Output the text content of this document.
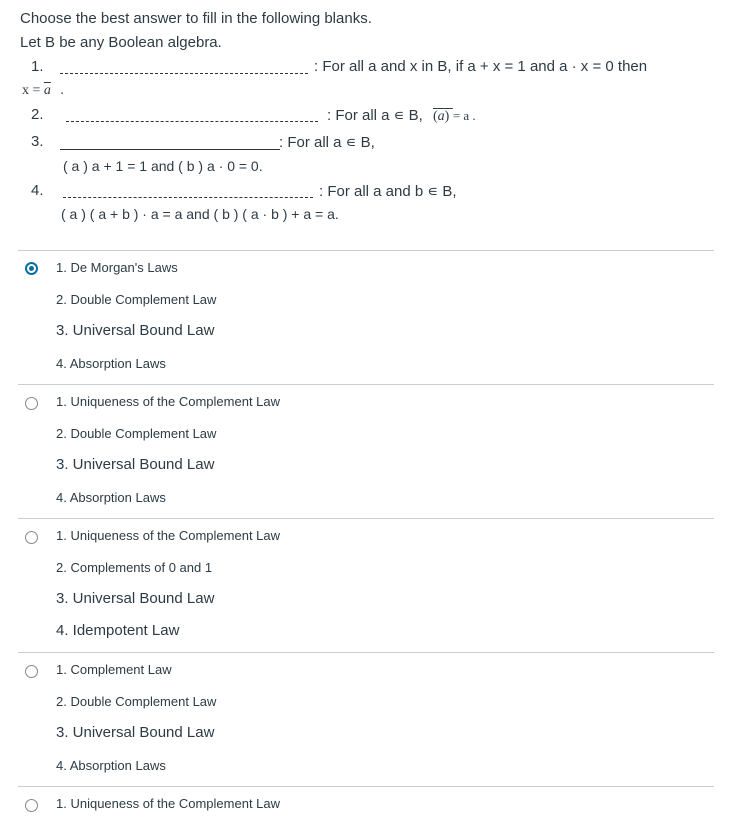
Choose the best answer to fill in the following blanks.
Let B be any Boolean algebra.
1.	: For all a and x in B, if a + x = 1 and a · x = 0 then
$x = \overline{a}$ .
2.	: For all a ∊ B, (a) = a .
3.	: For all a ∊ B,
( a ) a + 1 = 1 and ( b ) a · 0 = 0.
4.	: For all a and b ∊ B,
( a ) ( a + b ) · a = a and ( b ) ( a · b ) + a = a.
1. De Morgan's Laws
2. Double Complement Law
3. Universal Bound Law
4. Absorption Laws
1. Uniqueness of the Complement Law
2. Double Complement Law
3. Universal Bound Law
4. Absorption Laws
1. Uniqueness of the Complement Law
2. Complements of 0 and 1
3. Universal Bound Law
4. Idempotent Law
1. Complement Law
2. Double Complement Law
3. Universal Bound Law
4. Absorption Laws
1. Uniqueness of the Complement Law
